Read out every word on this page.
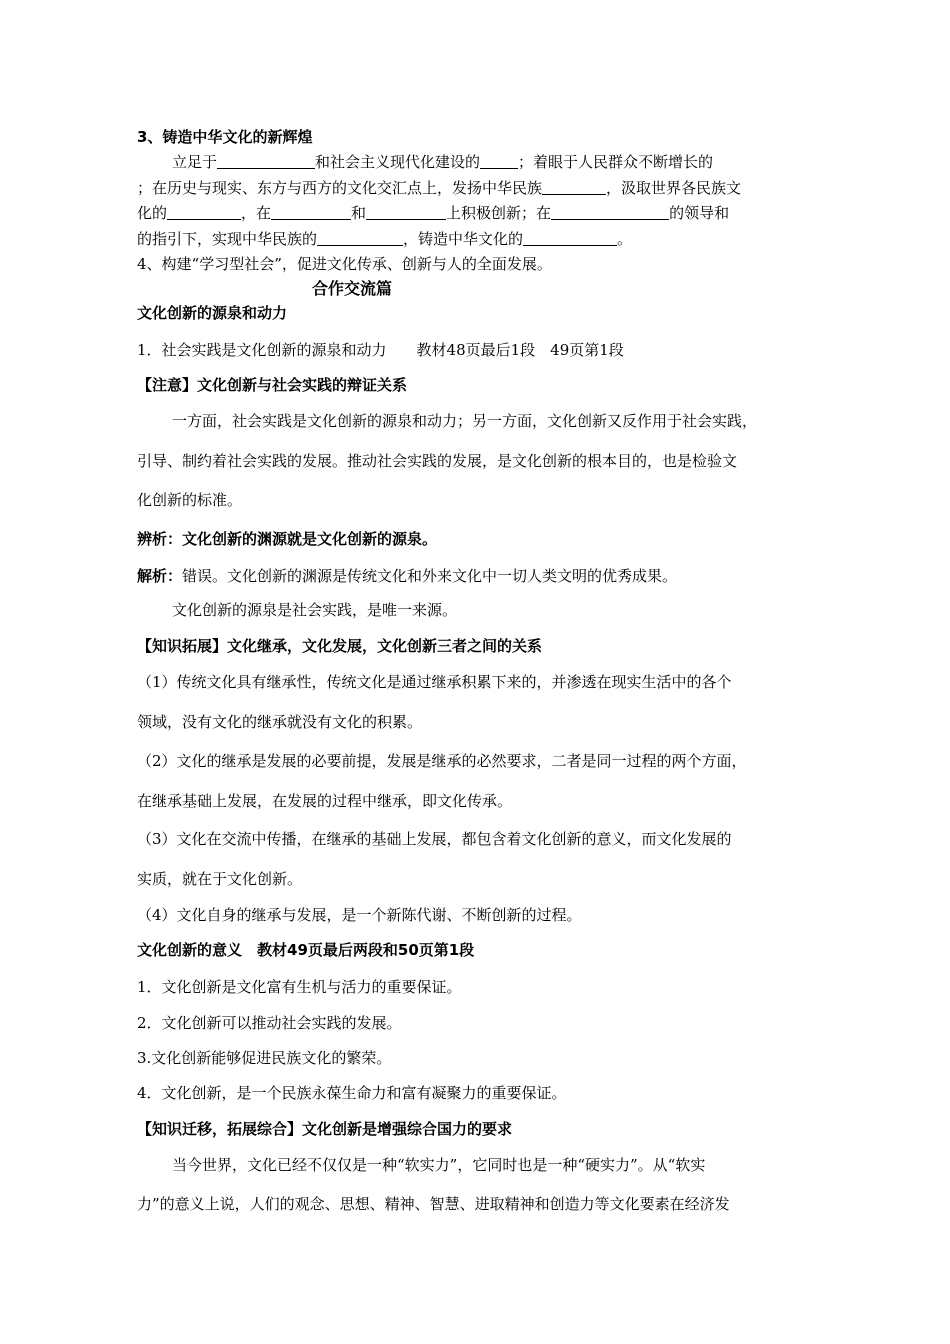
3、铸造中华文化的新辉煌
立足于	和社会主义现代化建设的	；着眼于人民群众不断增长的
；在历史与现实、东方与西方的文化交汇点上，发扬中华民族	，汲取世界各民族文
化的	，在	和	上积极创新；在	的领导和
的指引下，实现中华民族的	，铸造中华文化的	。
4、构建“学习型社会”，促进文化传承、创新与人的全面发展。
合作交流篇
文化创新的源泉和动力
1．社会实践是文化创新的源泉和动力　　教材48页最后1段　49页第1段
【注意】文化创新与社会实践的辩证关系
一方面，社会实践是文化创新的源泉和动力；另一方面，文化创新又反作用于社会实践，
引导、制约着社会实践的发展。推动社会实践的发展，是文化创新的根本目的，也是检验文
化创新的标准。
辨析：文化创新的渊源就是文化创新的源泉。
解析：错误。文化创新的渊源是传统文化和外来文化中一切人类文明的优秀成果。
文化创新的源泉是社会实践，是唯一来源。
【知识拓展】文化继承，文化发展，文化创新三者之间的关系
（1）传统文化具有继承性，传统文化是通过继承积累下来的，并渗透在现实生活中的各个
领域，没有文化的继承就没有文化的积累。
（2）文化的继承是发展的必要前提，发展是继承的必然要求，二者是同一过程的两个方面，
在继承基础上发展，在发展的过程中继承，即文化传承。
（3）文化在交流中传播，在继承的基础上发展，都包含着文化创新的意义，而文化发展的
实质，就在于文化创新。
（4）文化自身的继承与发展，是一个新陈代谢、不断创新的过程。
文化创新的意义　教材49页最后两段和50页第1段
1．文化创新是文化富有生机与活力的重要保证。
2．文化创新可以推动社会实践的发展。
3.文化创新能够促进民族文化的繁荣。
4．文化创新，是一个民族永葆生命力和富有凝聚力的重要保证。
【知识迁移，拓展综合】文化创新是增强综合国力的要求
当今世界，文化已经不仅仅是一种“软实力”，它同时也是一种“硬实力”。从“软实
力”的意义上说，人们的观念、思想、精神、智慧、进取精神和创造力等文化要素在经济发
